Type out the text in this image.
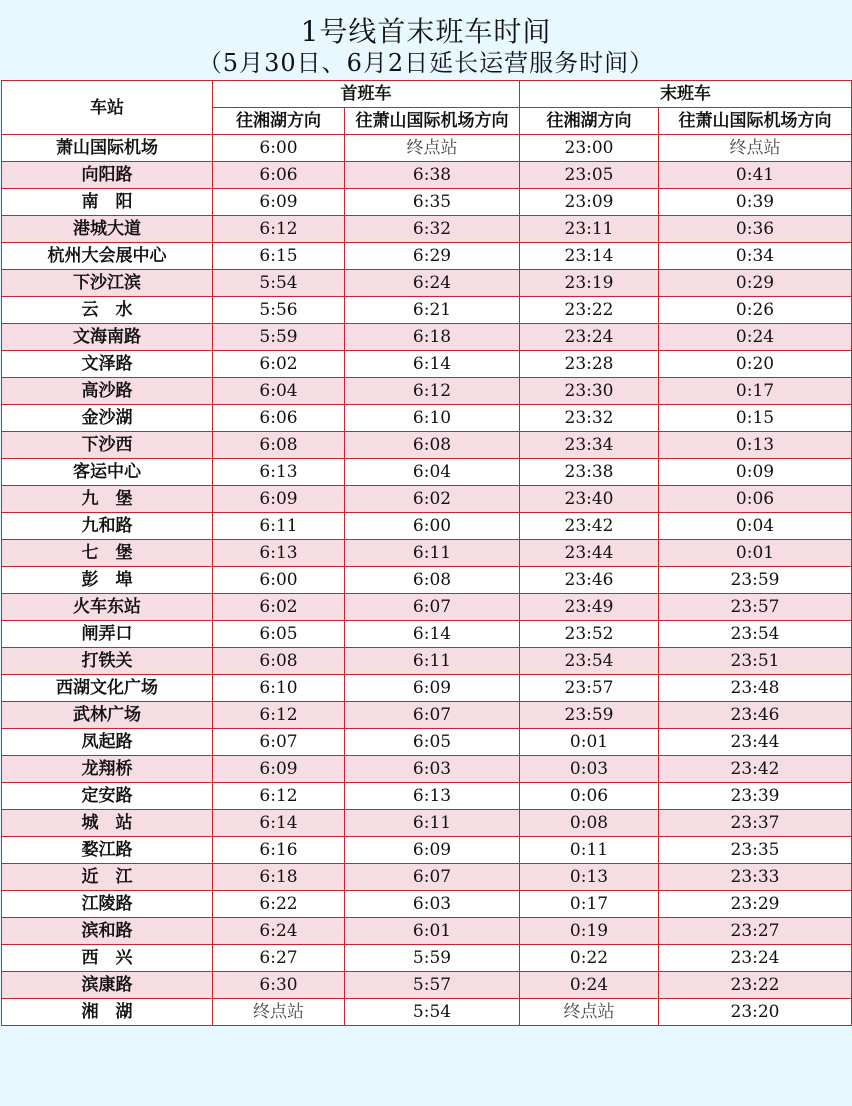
1号线首末班车时间
（5月30日、6月2日延长运营服务时间）
车站	首班车		末班车	
	往湘湖方向	往萧山国际机场方向	往湘湖方向	往萧山国际机场方向
萧山国际机场	6:00	终点站	23:00	终点站
向阳路	6:06	6:38	23:05	0:41
南　阳	6:09	6:35	23:09	0:39
港城大道	6:12	6:32	23:11	0:36
杭州大会展中心	6:15	6:29	23:14	0:34
下沙江滨	5:54	6:24	23:19	0:29
云　水	5:56	6:21	23:22	0:26
文海南路	5:59	6:18	23:24	0:24
文泽路	6:02	6:14	23:28	0:20
高沙路	6:04	6:12	23:30	0:17
金沙湖	6:06	6:10	23:32	0:15
下沙西	6:08	6:08	23:34	0:13
客运中心	6:13	6:04	23:38	0:09
九　堡	6:09	6:02	23:40	0:06
九和路	6:11	6:00	23:42	0:04
七　堡	6:13	6:11	23:44	0:01
彭　埠	6:00	6:08	23:46	23:59
火车东站	6:02	6:07	23:49	23:57
闸弄口	6:05	6:14	23:52	23:54
打铁关	6:08	6:11	23:54	23:51
西湖文化广场	6:10	6:09	23:57	23:48
武林广场	6:12	6:07	23:59	23:46
凤起路	6:07	6:05	0:01	23:44
龙翔桥	6:09	6:03	0:03	23:42
定安路	6:12	6:13	0:06	23:39
城　站	6:14	6:11	0:08	23:37
婺江路	6:16	6:09	0:11	23:35
近　江	6:18	6:07	0:13	23:33
江陵路	6:22	6:03	0:17	23:29
滨和路	6:24	6:01	0:19	23:27
西　兴	6:27	5:59	0:22	23:24
滨康路	6:30	5:57	0:24	23:22
湘　湖	终点站	5:54	终点站	23:20
